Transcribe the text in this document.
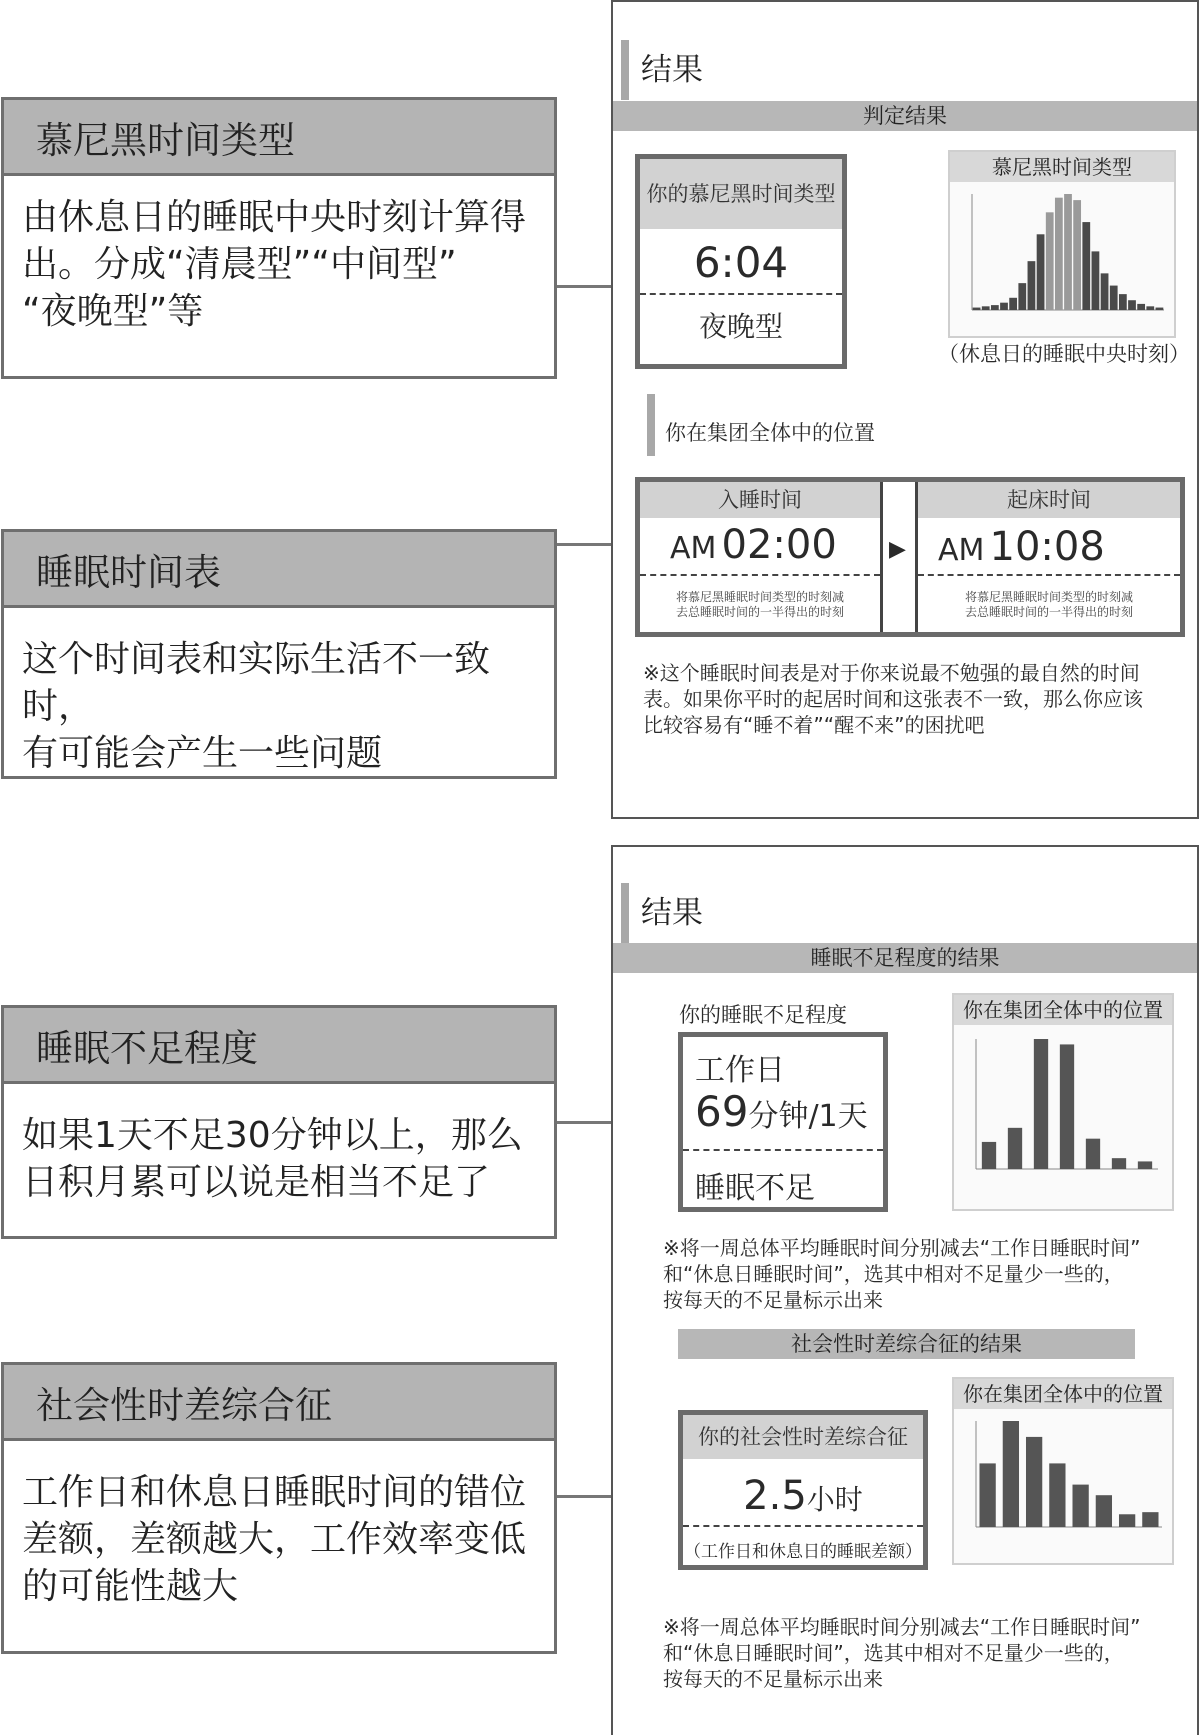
慕尼黑时间类型
由休息日的睡眠中央时刻计算得
出。分成“清晨型”“中间型”
“夜晚型”等
睡眠时间表
这个时间表和实际生活不一致时，
有可能会产生一些问题
睡眠不足程度
如果1天不足30分钟以上，那么
日积月累可以说是相当不足了
社会性时差综合征
工作日和休息日睡眠时间的错位
差额，差额越大，工作效率变低
的可能性越大
结果
判定结果
你的慕尼黑时间类型
6:04
夜晚型
慕尼黑时间类型
（休息日的睡眠中央时刻）
你在集团全体中的位置
入睡时间
AM 02:00
将慕尼黑睡眠时间类型的时刻减
去总睡眠时间的一半得出的时刻
▶
起床时间
AM 10:08
将慕尼黑睡眠时间类型的时刻减
去总睡眠时间的一半得出的时刻
※这个睡眠时间表是对于你来说最不勉强的最自然的时间
表。如果你平时的起居时间和这张表不一致，那么你应该
比较容易有“睡不着”“醒不来”的困扰吧
结果
睡眠不足程度的结果
你的睡眠不足程度
工作日
69分钟/1天
睡眠不足
你在集团全体中的位置
※将一周总体平均睡眠时间分别减去“工作日睡眠时间”
和“休息日睡眠时间”，选其中相对不足量少一些的，
按每天的不足量标示出来
社会性时差综合征的结果
你的社会性时差综合征
2.5小时
（工作日和休息日的睡眠差额）
你在集团全体中的位置
※将一周总体平均睡眠时间分别减去“工作日睡眠时间”
和“休息日睡眠时间”，选其中相对不足量少一些的，
按每天的不足量标示出来
